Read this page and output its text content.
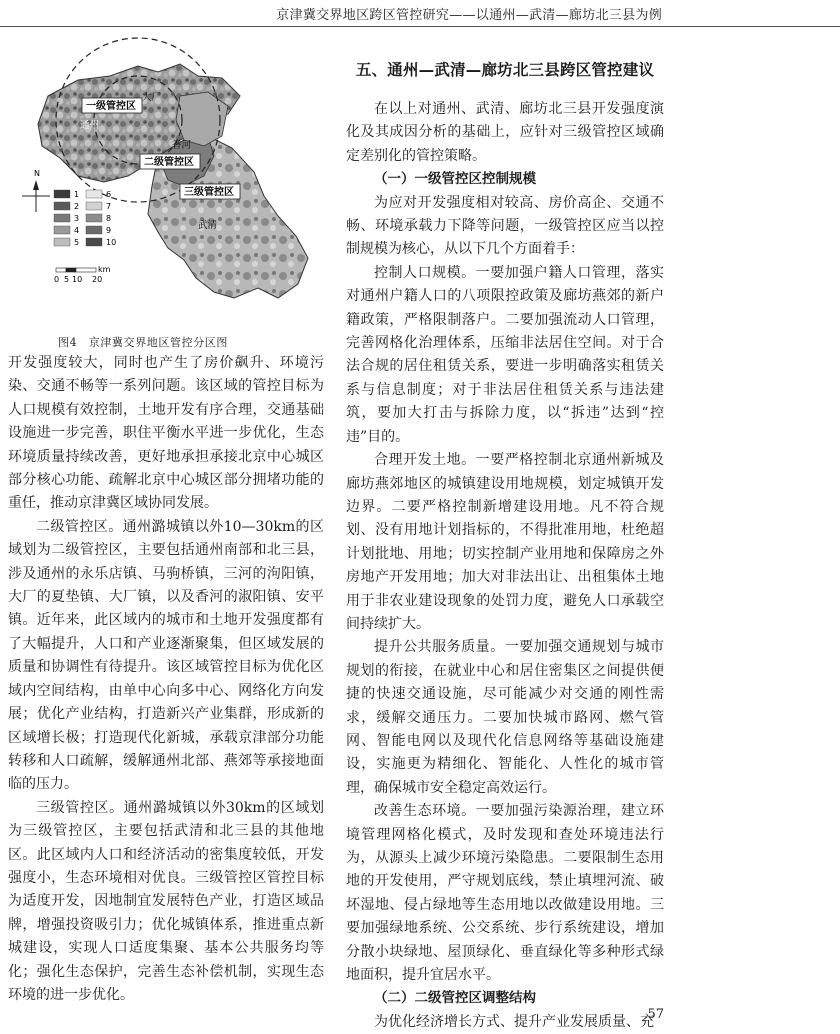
京津冀交界地区跨区管控研究——以通州—武清—廊坊北三县为例
一级管控区
二级管控区
三级管控区
通州
大厂
香河
武清
N
1
2
3
4
5
6
7
8
9
10
0 5 10 20
km
图4　京津冀交界地区管控分区图

开发强度较大，同时也产生了房价飙升、环境污染、交通不畅等一系列问题。该区域的管控目标为人口规模有效控制，土地开发有序合理，交通基础设施进一步完善，职住平衡水平进一步优化，生态环境质量持续改善，更好地承担承接北京中心城区部分核心功能、疏解北京中心城区部分拥堵功能的重任，推动京津冀区域协同发展。

二级管控区。通州潞城镇以外10—30km的区域划为二级管控区，主要包括通州南部和北三县，涉及通州的永乐店镇、马驹桥镇，三河的泃阳镇，大厂的夏垫镇、大厂镇，以及香河的淑阳镇、安平镇。近年来，此区域内的城市和土地开发强度都有了大幅提升，人口和产业逐渐聚集，但区域发展的质量和协调性有待提升。该区域管控目标为优化区域内空间结构，由单中心向多中心、网络化方向发展；优化产业结构，打造新兴产业集群，形成新的区域增长极；打造现代化新城，承载京津部分功能转移和人口疏解，缓解通州北部、燕郊等承接地面临的压力。

三级管控区。通州潞城镇以外30km的区域划为三级管控区，主要包括武清和北三县的其他地区。此区域内人口和经济活动的密集度较低，开发强度小，生态环境相对优良。三级管控区管控目标为适度开发，因地制宜发展特色产业，打造区域品牌，增强投资吸引力；优化城镇体系，推进重点新城建设，实现人口适度集聚、基本公共服务均等化；强化生态保护，完善生态补偿机制，实现生态环境的进一步优化。

五、通州—武清—廊坊北三县跨区管控建议

在以上对通州、武清、廊坊北三县开发强度演化及其成因分析的基础上，应针对三级管控区域确定差别化的管控策略。

（一）一级管控区控制规模

为应对开发强度相对较高、房价高企、交通不畅、环境承载力下降等问题，一级管控区应当以控制规模为核心，从以下几个方面着手：

控制人口规模。一要加强户籍人口管理，落实对通州户籍人口的八项限控政策及廊坊燕郊的新户籍政策，严格限制落户。二要加强流动人口管理，完善网格化治理体系，压缩非法居住空间。对于合法合规的居住租赁关系，要进一步明确落实租赁关系与信息制度；对于非法居住租赁关系与违法建筑，要加大打击与拆除力度，以“拆违”达到“控违”目的。

合理开发土地。一要严格控制北京通州新城及廊坊燕郊地区的城镇建设用地规模，划定城镇开发边界。二要严格控制新增建设用地。凡不符合规划、没有用地计划指标的，不得批准用地，杜绝超计划批地、用地；切实控制产业用地和保障房之外房地产开发用地；加大对非法出让、出租集体土地用于非农业建设现象的处罚力度，避免人口承载空间持续扩大。

提升公共服务质量。一要加强交通规划与城市规划的衔接，在就业中心和居住密集区之间提供便捷的快速交通设施，尽可能减少对交通的刚性需求，缓解交通压力。二要加快城市路网、燃气管网、智能电网以及现代化信息网络等基础设施建设，实施更为精细化、智能化、人性化的城市管理，确保城市安全稳定高效运行。

改善生态环境。一要加强污染源治理，建立环境管理网格化模式，及时发现和查处环境违法行为，从源头上减少环境污染隐患。二要限制生态用地的开发使用，严守规划底线，禁止填埋河流、破坏湿地、侵占绿地等生态用地以改做建设用地。三要加强绿地系统、公交系统、步行系统建设，增加分散小块绿地、屋顶绿化、垂直绿化等多种形式绿地面积，提升宜居水平。

（二）二级管控区调整结构

为优化经济增长方式、提升产业发展质量、充

57
